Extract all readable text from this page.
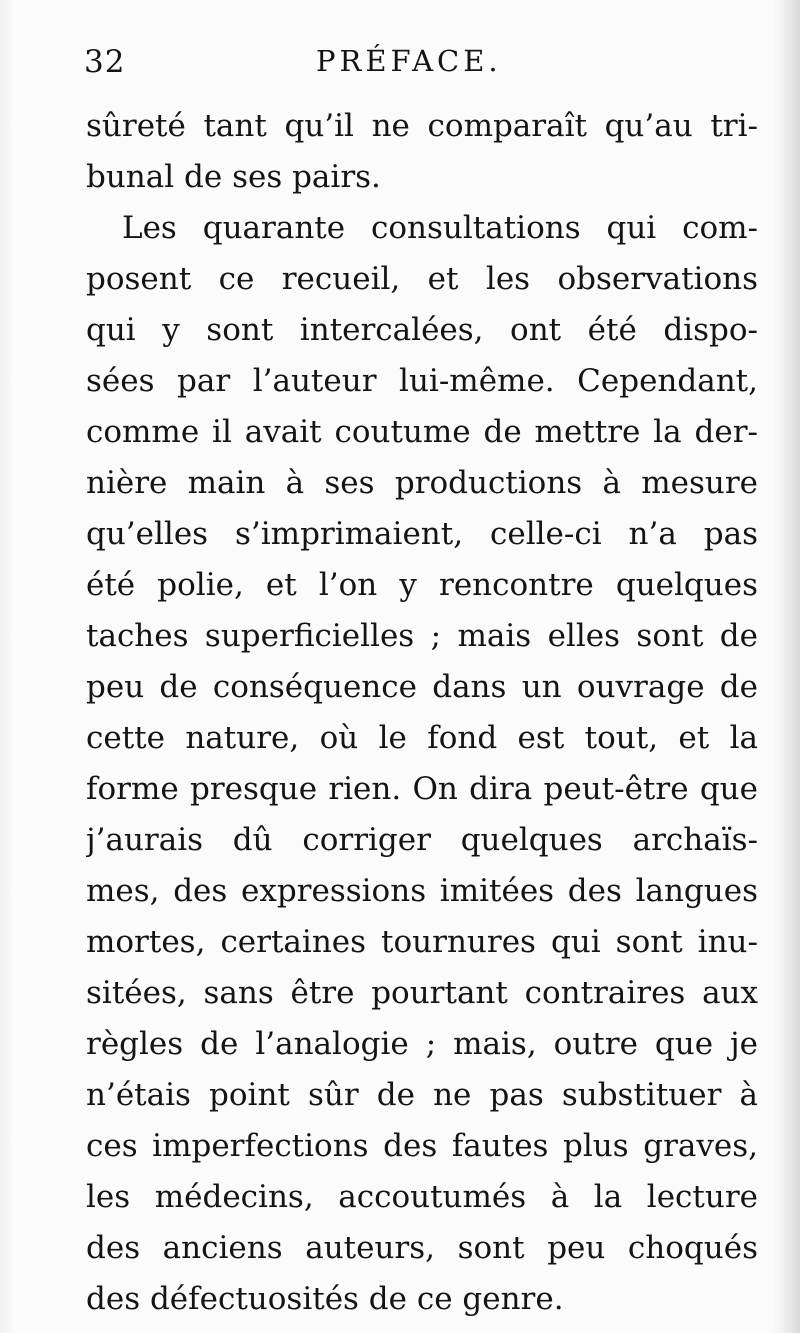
32	PRÉFACE.
sûreté tant qu’il ne comparaît qu’au tri-
bunal de ses pairs.
Les quarante consultations qui com-
posent ce recueil, et les observations
qui y sont intercalées, ont été dispo-
sées par l’auteur lui-même. Cependant,
comme il avait coutume de mettre la der-
nière main à ses productions à mesure
qu’elles s’imprimaient, celle-ci n’a pas
été polie, et l’on y rencontre quelques
taches superficielles ; mais elles sont de
peu de conséquence dans un ouvrage de
cette nature, où le fond est tout, et la
forme presque rien. On dira peut-être que
j’aurais dû corriger quelques archaïs-
mes, des expressions imitées des langues
mortes, certaines tournures qui sont inu-
sitées, sans être pourtant contraires aux
règles de l’analogie ; mais, outre que je
n’étais point sûr de ne pas substituer à
ces imperfections des fautes plus graves,
les médecins, accoutumés à la lecture
des anciens auteurs, sont peu choqués
des défectuosités de ce genre.
